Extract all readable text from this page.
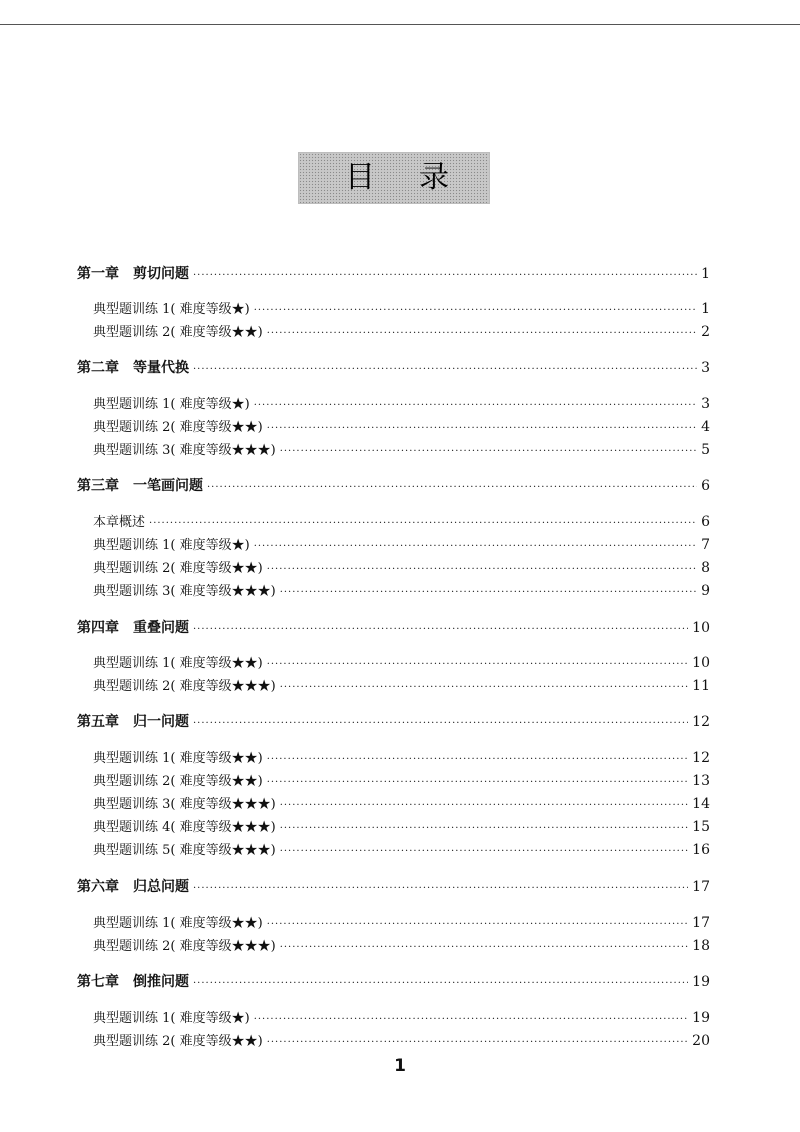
目 录
第一章　剪切问题 ·····	1
典型题训练 1( 难度等级★) ·····	1
典型题训练 2( 难度等级★★) ·····	2
第二章　等量代换 ·····	3
典型题训练 1( 难度等级★) ·····	3
典型题训练 2( 难度等级★★) ·····	4
典型题训练 3( 难度等级★★★) ·····	5
第三章　一笔画问题 ·····	6
本章概述 ·····	6
典型题训练 1( 难度等级★) ·····	7
典型题训练 2( 难度等级★★) ·····	8
典型题训练 3( 难度等级★★★) ·····	9
第四章　重叠问题 ·····	10
典型题训练 1( 难度等级★★) ·····	10
典型题训练 2( 难度等级★★★) ·····	11
第五章　归一问题 ·····	12
典型题训练 1( 难度等级★★) ·····	12
典型题训练 2( 难度等级★★) ·····	13
典型题训练 3( 难度等级★★★) ·····	14
典型题训练 4( 难度等级★★★) ·····	15
典型题训练 5( 难度等级★★★) ·····	16
第六章　归总问题 ·····	17
典型题训练 1( 难度等级★★) ·····	17
典型题训练 2( 难度等级★★★) ·····	18
第七章　倒推问题 ·····	19
典型题训练 1( 难度等级★) ·····	19
典型题训练 2( 难度等级★★) ·····	20
1
